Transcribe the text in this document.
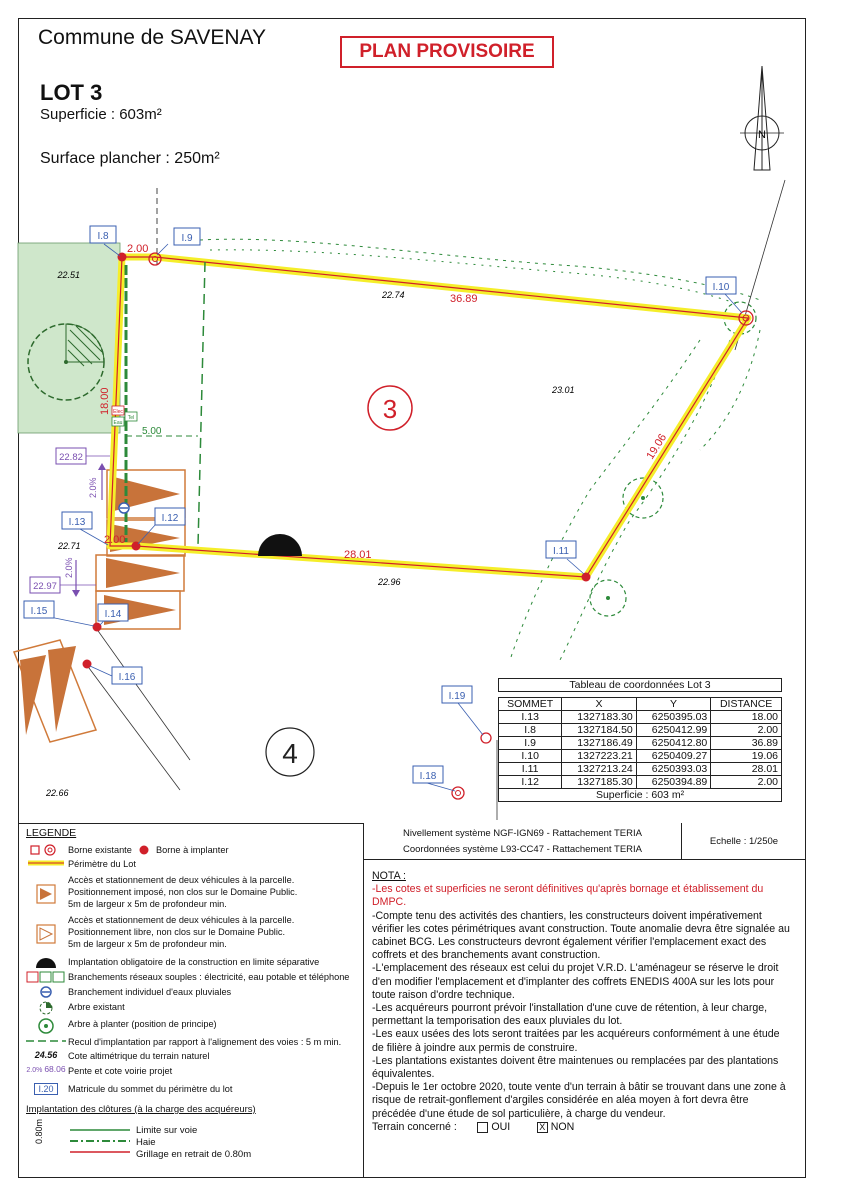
Commune de SAVENAY
PLAN PROVISOIRE
LOT 3
Superficie : 603m²
Surface plancher : 250m²
N
Elec
Eau
Tel
I.8	I.9
I.10
I.11
I.12
I.13
I.14
I.15
I.16
I.18
I.19
3
4
36.89
19.06
28.01
18.00
2.00
2.00
5.00
22.51
22.74
23.01
22.71
22.96
22.66
22.82
22.97
2.0%
2.0%
Tableau de coordonnées Lot 3			

SOMMET	X	Y	DISTANCE
I.13	1327183.30	6250395.03	18.00
I.8	1327184.50	6250412.99	2.00
I.9	1327186.49	6250412.80	36.89
I.10	1327223.21	6250409.27	19.06
I.11	1327213.24	6250393.03	28.01
I.12	1327185.30	6250394.89	2.00
Superficie : 603 m²			
LEGENDE
Borne existante	Borne à implanter
Périmètre du Lot
Accès et stationnement de deux véhicules à la parcelle.
Positionnement imposé, non clos sur le Domaine Public.
5m de largeur x 5m de profondeur min.
Accès et stationnement de deux véhicules à la parcelle.
Positionnement libre, non clos sur le Domaine Public.
5m de largeur x 5m de profondeur min.
Implantation obligatoire de la construction en limite séparative
Branchements réseaux souples : électricité, eau potable et téléphone
Branchement individuel d'eaux pluviales
Arbre existant
Arbre à planter (position de principe)
Recul d'implantation par rapport à l'alignement des voies : 5 m min.
24.56 Cote altimétrique du terrain naturel
2.0% 68.06 Pente et cote voirie projet
I.20	Matricule du sommet du périmètre du lot
Implantation des clôtures (à la charge des acquéreurs)
0.80m	Limite sur voie
Haie
Grillage en retrait de 0.80m
Nivellement système NGF-IGN69 - Rattachement TERIA
Coordonnées système L93-CC47 - Rattachement TERIA
Echelle : 1/250e

NOTA :

-Les cotes et superficies ne seront définitives qu'après bornage et établissement du DMPC.

-Compte tenu des activités des chantiers, les constructeurs doivent impérativement vérifier les cotes périmétriques avant construction. Toute anomalie devra être signalée au cabinet BCG. Les constructeurs devront également vérifier l'emplacement exact des coffrets et des branchements avant construction.

-L'emplacement des réseaux est celui du projet V.R.D. L'aménageur se réserve le droit d'en modifier l'emplacement et d'implanter des coffrets ENEDIS 400A sur les lots pour toute raison d'ordre technique.

-Les acquéreurs pourront prévoir l'installation d'une cuve de rétention, à leur charge, permettant la temporisation des eaux pluviales du lot.

-Les eaux usées des lots seront traitées par les acquéreurs conformément à une étude de filière à joindre aux permis de construire.

-Les plantations existantes doivent être maintenues ou remplacées par des plantations équivalentes.

-Depuis le 1er octobre 2020, toute vente d'un terrain à bâtir se trouvant dans une zone à risque de retrait-gonflement d'argiles considérée en aléa moyen à fort devra être précédée d'une étude de sol particulière, à charge du vendeur.

Terrain concerné :	OUI	X NON
